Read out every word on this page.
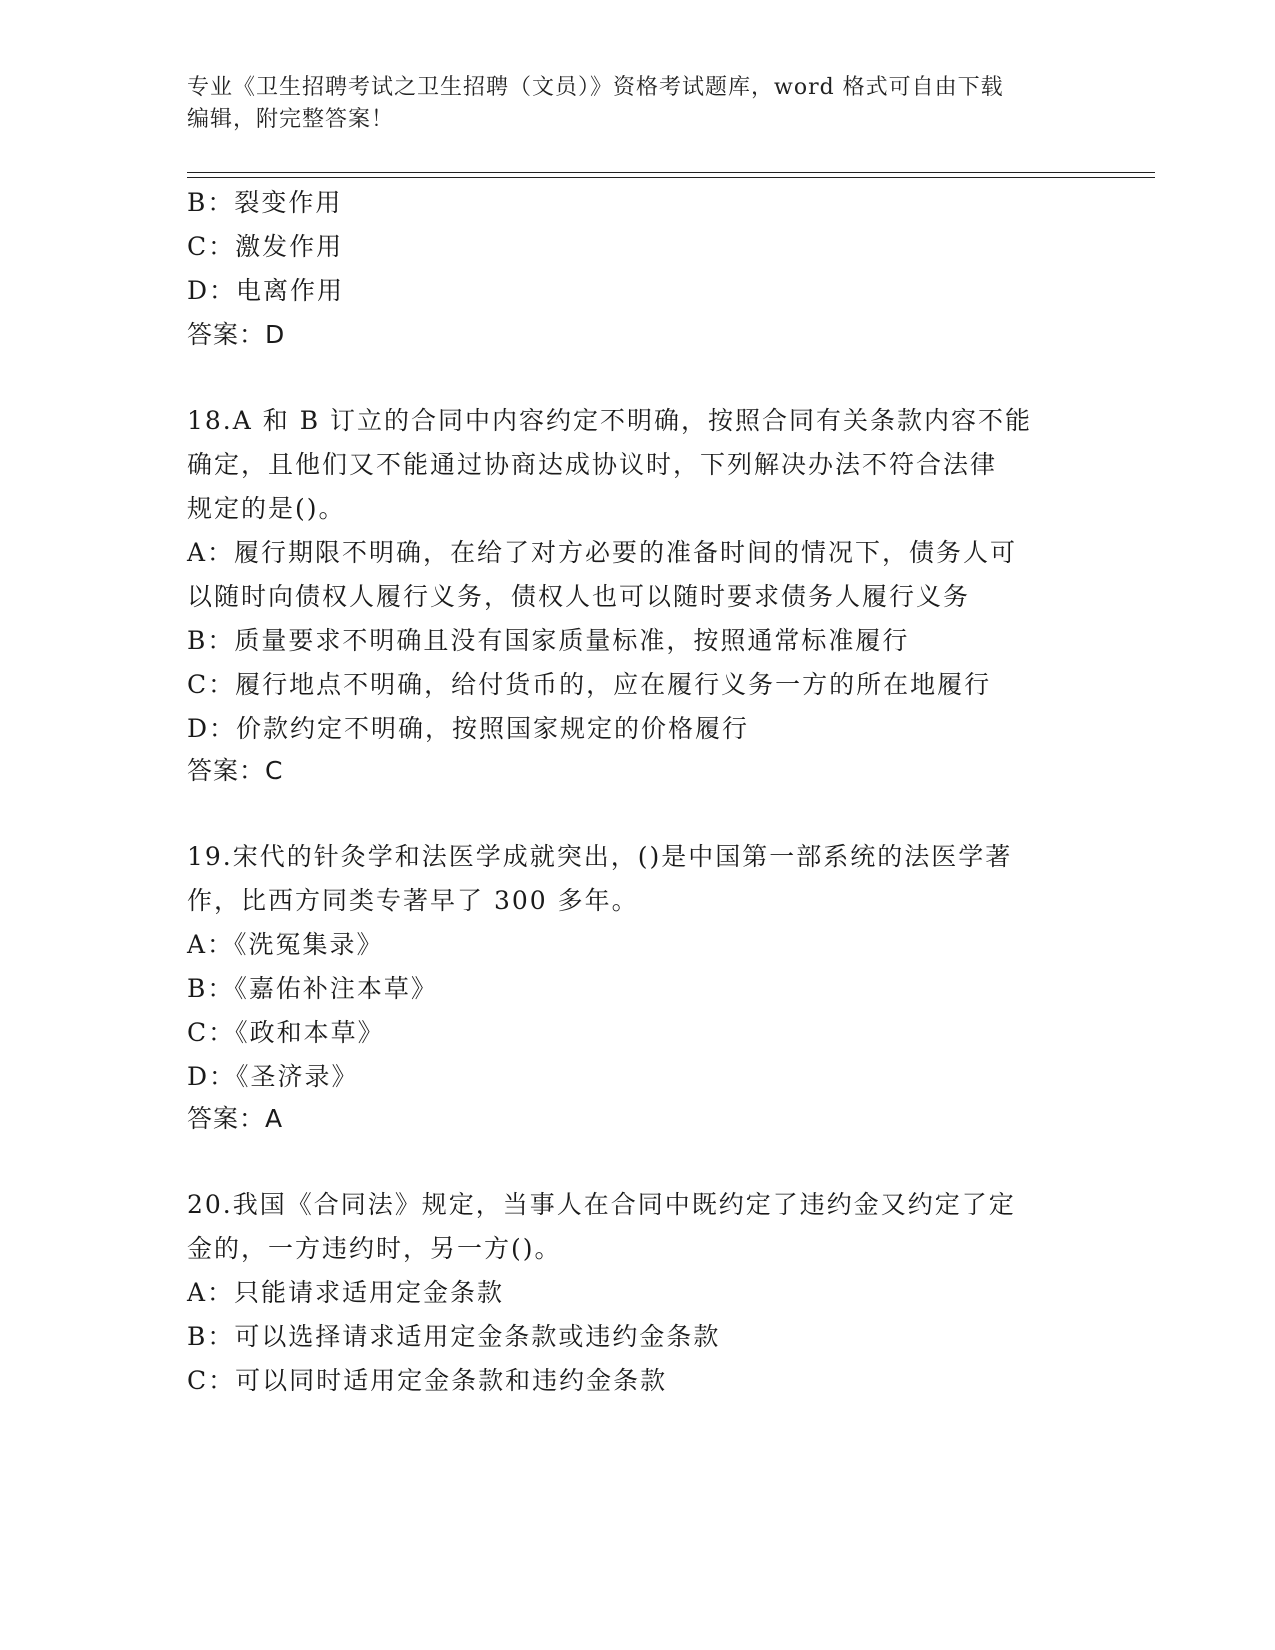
专业《卫生招聘考试之卫生招聘（文员）》资格考试题库，word 格式可自由下载
编辑，附完整答案！
B：裂变作用
C：激发作用
D：电离作用
答案：D
18.A 和 B 订立的合同中内容约定不明确，按照合同有关条款内容不能
确定，且他们又不能通过协商达成协议时，下列解决办法不符合法律
规定的是()。
A：履行期限不明确，在给了对方必要的准备时间的情况下，债务人可
以随时向债权人履行义务，债权人也可以随时要求债务人履行义务
B：质量要求不明确且没有国家质量标准，按照通常标准履行
C：履行地点不明确，给付货币的，应在履行义务一方的所在地履行
D：价款约定不明确，按照国家规定的价格履行
答案：C
19.宋代的针灸学和法医学成就突出，()是中国第一部系统的法医学著
作，比西方同类专著早了 300 多年。
A：《洗冤集录》
B：《嘉佑补注本草》
C：《政和本草》
D：《圣济录》
答案：A
20.我国《合同法》规定，当事人在合同中既约定了违约金又约定了定
金的，一方违约时，另一方()。
A：只能请求适用定金条款
B：可以选择请求适用定金条款或违约金条款
C：可以同时适用定金条款和违约金条款
